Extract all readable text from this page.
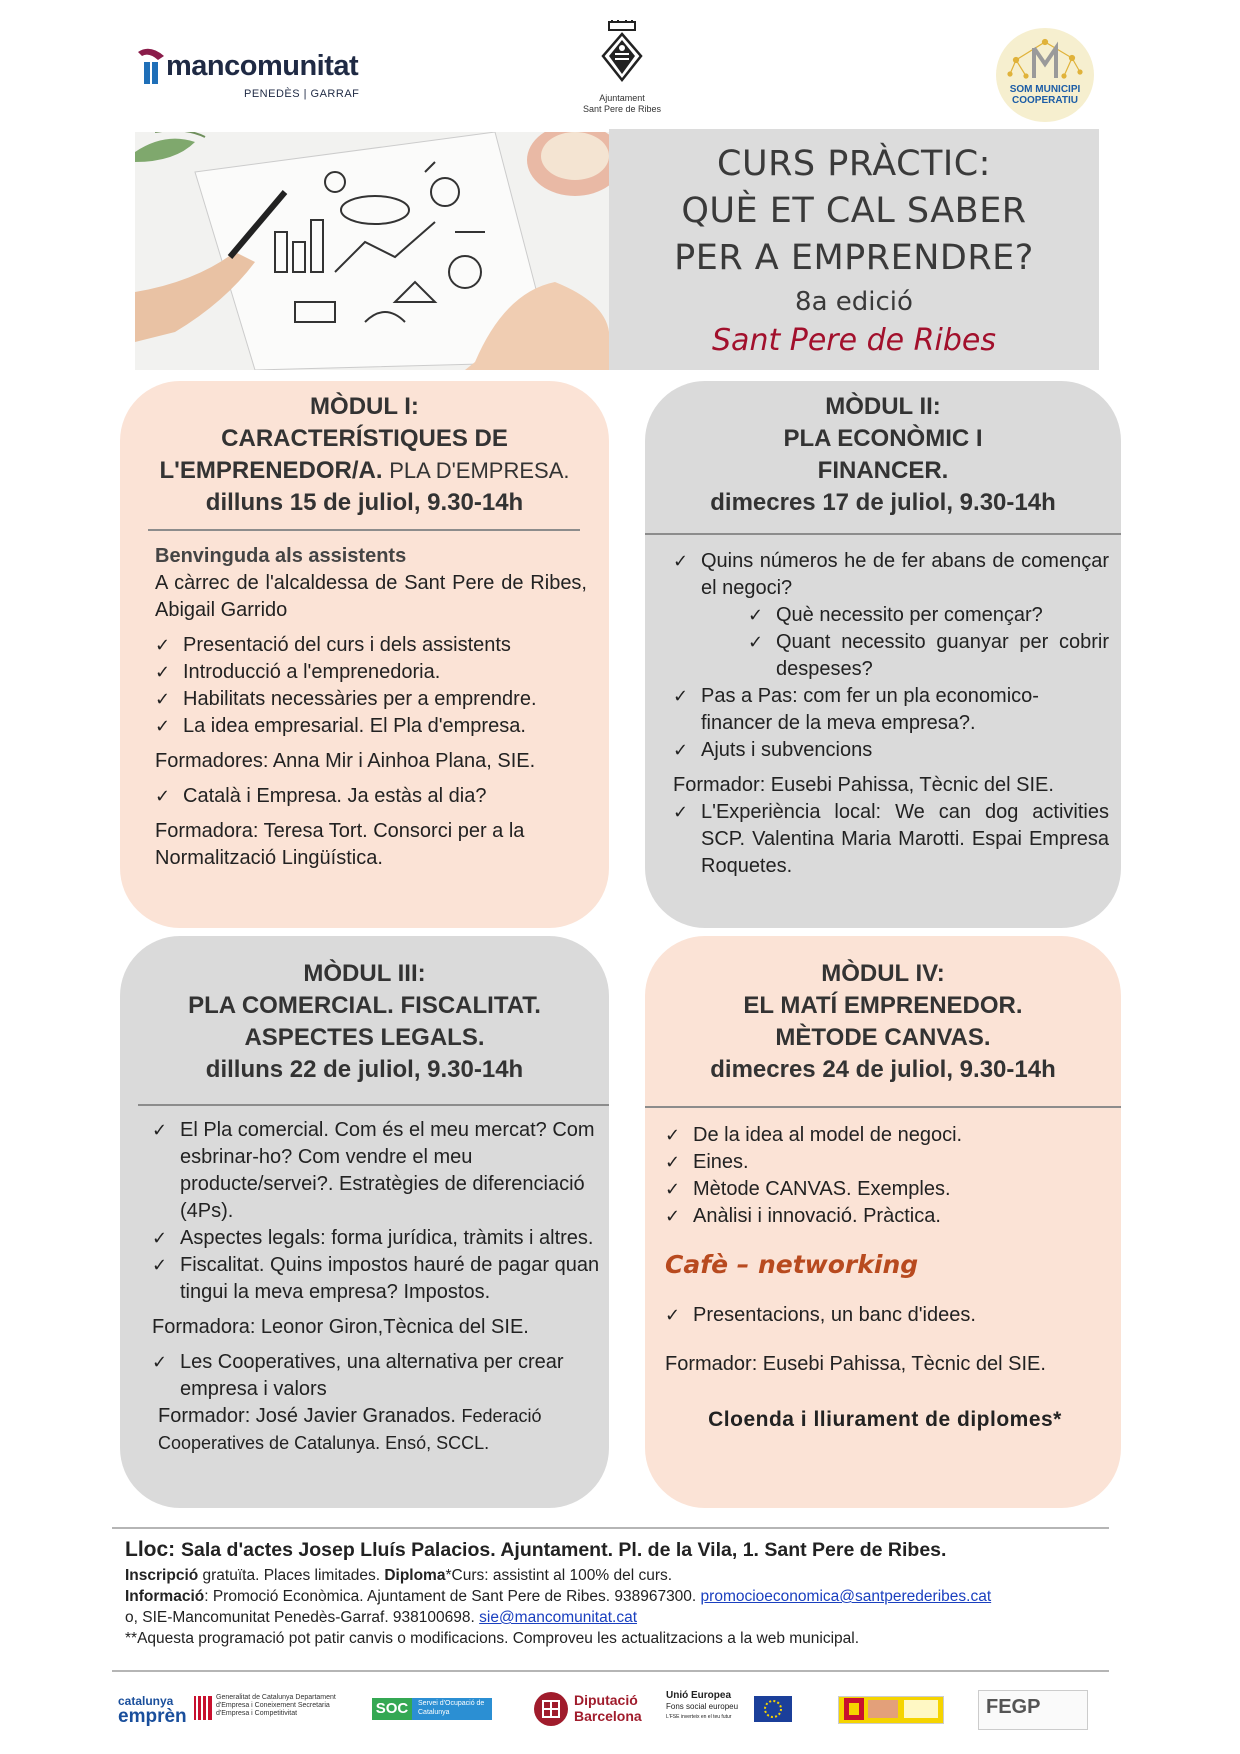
mancomunitat
PENEDÈS | GARRAF	Ajuntament
Sant Pere de Ribes
SOM MUNICIPI
COOPERATIU
CURS PRÀCTIC:
QUÈ ET CAL SABER
PER A EMPRENDRE?
8a edició
Sant Pere de Ribes
MÒDUL I:
CARACTERÍSTIQUES DE
L'EMPRENEDOR/A. PLA D'EMPRESA.
dilluns 15 de juliol, 9.30-14h

Benvinguda als assistents

A càrrec de l'alcaldessa de Sant Pere de Ribes, Abigail Garrido

✓ Presentació del curs i dels assistents

✓ Introducció a l'emprenedoria.

✓ Habilitats necessàries per a emprendre.

✓ La idea empresarial. El Pla d'empresa.

Formadores: Anna Mir i Ainhoa Plana, SIE.

✓ Català i Empresa. Ja estàs al dia?

Formadora: Teresa Tort. Consorci per a la Normalització Lingüística.

MÒDUL II:
PLA ECONÒMIC I
FINANCER.
dimecres 17 de juliol, 9.30-14h

✓ Quins números he de fer abans de començar el negoci?

✓ Què necessito per començar?

✓ Quant necessito guanyar per cobrir despeses?

✓ Pas a Pas: com fer un pla economico-financer de la meva empresa?.

✓ Ajuts i subvencions

Formador: Eusebi Pahissa, Tècnic del SIE.

✓ L'Experiència local: We can dog activities SCP. Valentina Maria Marotti. Espai Empresa Roquetes.

MÒDUL III:
PLA COMERCIAL. FISCALITAT.
ASPECTES LEGALS.
dilluns 22 de juliol, 9.30-14h

✓ El Pla comercial. Com és el meu mercat? Com esbrinar-ho? Com vendre el meu producte/servei?. Estratègies de diferenciació (4Ps).

✓ Aspectes legals: forma jurídica, tràmits i altres.

✓ Fiscalitat. Quins impostos hauré de pagar quan tingui la meva empresa? Impostos.

Formadora: Leonor Giron,Tècnica del SIE.

✓ Les Cooperatives, una alternativa per crear empresa i valors

Formador: José Javier Granados. Federació Cooperatives de Catalunya. Ensó, SCCL.

MÒDUL IV:
EL MATÍ EMPRENEDOR.
MÈTODE CANVAS.
dimecres 24 de juliol, 9.30-14h

✓ De la idea al model de negoci.

✓ Eines.

✓ Mètode CANVAS. Exemples.

✓ Anàlisi i innovació. Pràctica.

Cafè – networking

✓ Presentacions, un banc d'idees.

Formador: Eusebi Pahissa, Tècnic del SIE.

Cloenda i lliurament de diplomes*

Lloc: Sala d'actes Josep Lluís Palacios. Ajuntament. Pl. de la Vila, 1. Sant Pere de Ribes.
Inscripció gratuïta. Places limitades. Diploma*Curs: assistint al 100% del curs.
Informació: Promoció Econòmica. Ajuntament de Sant Pere de Ribes. 938967300. promocioeconomica@santperederibes.cat
o, SIE-Mancomunitat Penedès-Garraf. 938100698. sie@mancomunitat.cat
**Aquesta programació pot patir canvis o modificacions. Comproveu les actualitzacions a la web municipal.
catalunya
emprèn
Generalitat de Catalunya Departament d'Empresa i Coneixement Secretaria d'Empresa i Competitivitat	SOC	Servei d'Ocupació de Catalunya
Diputació
Barcelona
Unió Europea
Fons social europeu
L'FSE inverteix en el teu futur	FEGP
